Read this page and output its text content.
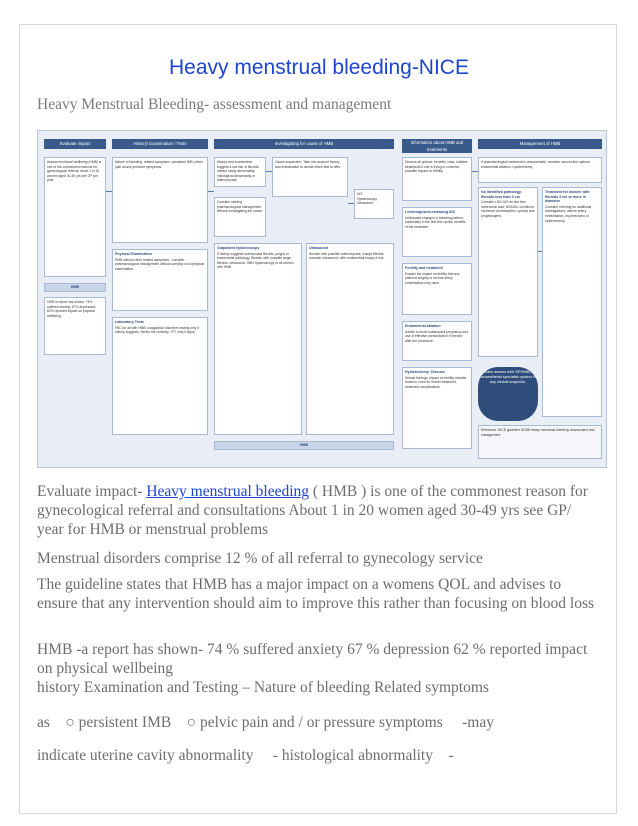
Heavy menstrual bleeding-NICE
Heavy Menstrual Bleeding- assessment and management
Evaluate impact	History/ Examination / Tests	Investigating for cause of HMB	Information about HMB and treatments
Management of HMB
Assess emotional wellbeing (HMB) is one of the commonest reasons for gynecological referral; about 1 in 20 women aged 30-49 yrs see GP per year.
HMB
HMB is report has shown: 74% suffered anxiety, 67% depression, 62% reported impact on physical wellbeing.
Nature of bleeding, related symptoms: persistent IMB, pelvic pain and/or pressure symptoms.
Physical Examination
HMB without other related symptoms - consider pharmacological management without carrying out a physical examination.
Laboratory Tests
FBC for all with HMB; coagulation disorders testing only if history suggests; ferritin not routinely; TFT only if signs.
History and examination suggest a low risk of fibroids, uterine cavity abnormality, histological abnormality or adenomyosis.
Consider starting pharmacological management without investigating the cause.
Cause suspected / Take into account history and examination to decide which test to offer.
IUS
Hysteroscopy
Ultrasound
Outpatient hysteroscopy
If history suggests submucosal fibroids, polyps or endometrial pathology. Women with possible larger fibroids: ultrasound. Offer hysteroscopy to all women with HMB.
Ultrasound
Women with possible adenomyosis; if large fibroids consider ultrasound; offer endometrial biopsy if risk.
HMB
Discuss all options: benefits, risks, suitable treatments if she is trying to conceive, possible impact on fertility.
Levonorgestrel-releasing IUS
Anticipated changes in bleeding pattern; particularly in the first few cycles; benefits of the treatment.
Fertility and treatment
Explain the impact on fertility that any planned surgery or uterine artery embolisation may have.
Endometrial ablation
Advise to avoid subsequent pregnancy and use of effective contraception if needed after the procedure.
Hysterectomy: Discuss
Sexual feelings, impact on fertility, bladder function, need for further treatment, treatment complications.
If pharmacological treatment is unsuccessful, consider second-line options; endometrial ablation; hysterectomy.
No identified pathology, fibroids less than 3 cm
Consider LNG-IUS as first line; tranexamic acid; NSAIDs; combined hormonal contraception; cyclical oral progestogens.
Treatment for women with fibroids 3 cm or more in diameter
Consider referring for additional investigations; uterine artery embolisation, myomectomy or hysterectomy.
Please assess with GP/HMB or anaesthetist specialist opinion if any clinical suspicion.
Reference: NICE guideline NG88 Heavy menstrual bleeding: assessment and management
Evaluate impact- Heavy menstrual bleeding ( HMB ) is one of the commonest reason for gynecological referral and consultations About 1 in 20 women aged 30-49 yrs see GP/ year for HMB or menstrual problems
Menstrual disorders comprise 12 % of all referral to gynecology service
The guideline states that HMB has a major impact on a womens QOL and advises to ensure that any intervention should aim to improve this rather than focusing on blood loss
HMB -a report has shown- 74 % suffered anxiety 67 % depression 62 % reported impact on physical wellbeing
history Examination and Testing – Nature of bleeding Related symptoms
as    ○ persistent IMB    ○ pelvic pain and / or pressure symptoms     -may
indicate uterine cavity abnormality     - histological abnormality    -
